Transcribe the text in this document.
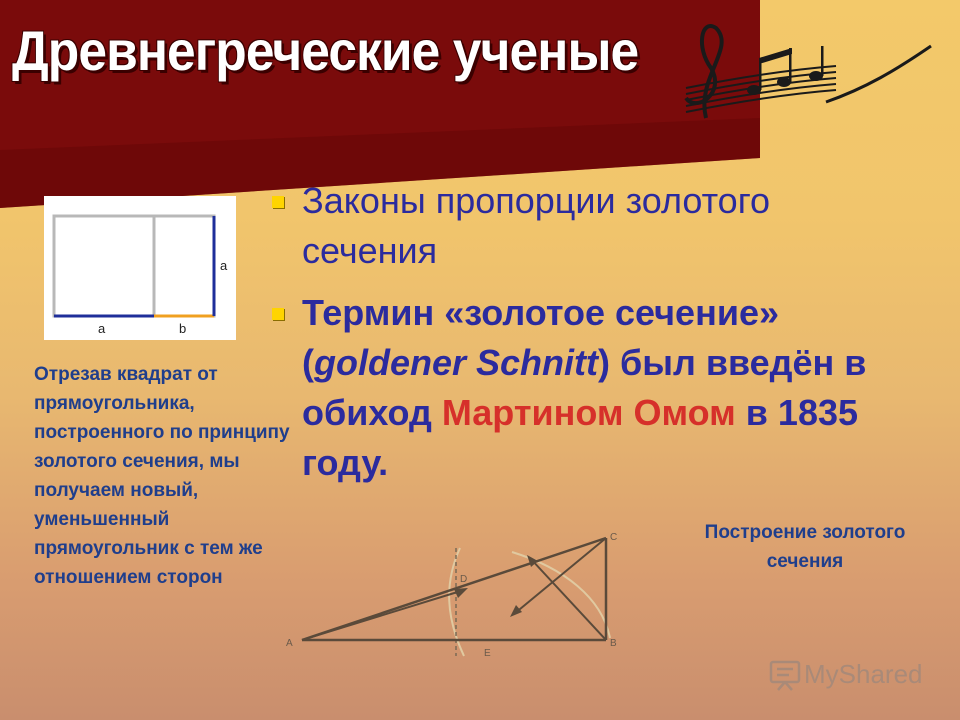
Древнегреческие ученые
a
a	b
Законы пропорции золотого сечения
Термин «золотое сечение» (goldener Schnitt) был введён в обиход Мартином Омом в 1835 году.

Отрезав квадрат от прямоугольника, построенного по принципу золотого сечения, мы получаем новый, уменьшенный прямоугольник с тем же отношением сторон

Построение золотого сечения

A	B
C
D
E
MyShared
